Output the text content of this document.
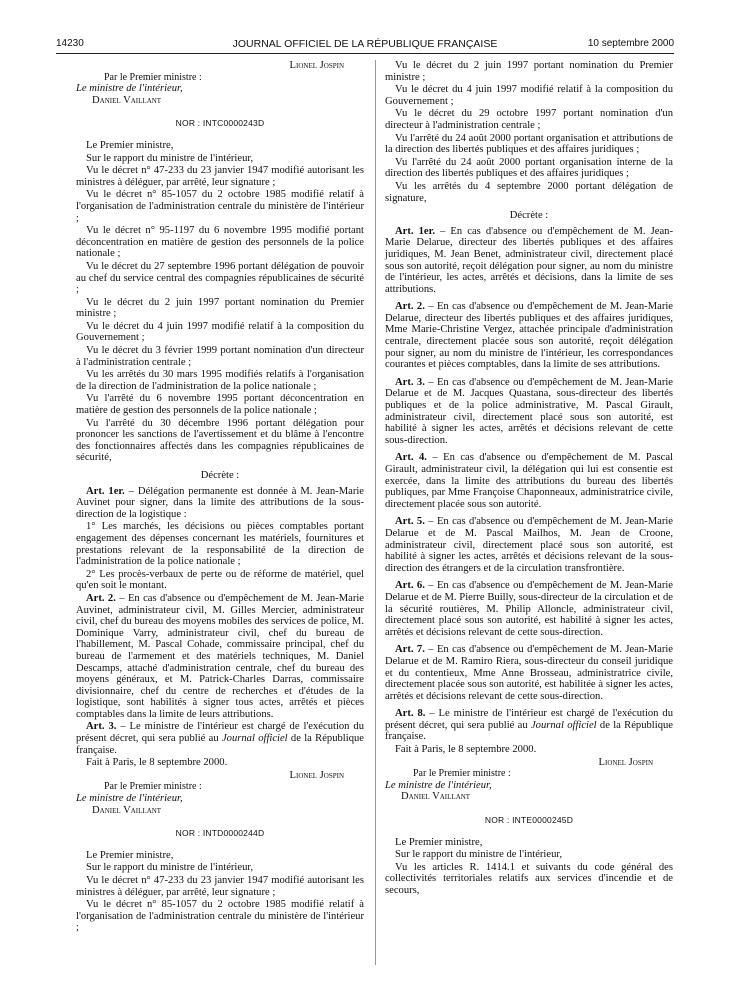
14230	JOURNAL OFFICIEL DE LA RÉPUBLIQUE FRANÇAISE	10 septembre 2000

Lionel Jospin

Par le Premier ministre :

Le ministre de l'intérieur,

Daniel Vaillant

NOR : INTC0000243D

Le Premier ministre,

Sur le rapport du ministre de l'intérieur,

Vu le décret n° 47-233 du 23 janvier 1947 modifié autorisant les ministres à déléguer, par arrêté, leur signature ;

Vu le décret n° 85-1057 du 2 octobre 1985 modifié relatif à l'organisation de l'administration centrale du ministère de l'intérieur ;

Vu le décret n° 95-1197 du 6 novembre 1995 modifié portant déconcentration en matière de gestion des personnels de la police nationale ;

Vu le décret du 27 septembre 1996 portant délégation de pouvoir au chef du service central des compagnies républicaines de sécurité ;

Vu le décret du 2 juin 1997 portant nomination du Premier ministre ;

Vu le décret du 4 juin 1997 modifié relatif à la composition du Gouvernement ;

Vu le décret du 3 février 1999 portant nomination d'un directeur à l'administration centrale ;

Vu les arrêtés du 30 mars 1995 modifiés relatifs à l'organisation de la direction de l'administration de la police nationale ;

Vu l'arrêté du 6 novembre 1995 portant déconcentration en matière de gestion des personnels de la police nationale ;

Vu l'arrêté du 30 décembre 1996 portant délégation pour prononcer les sanctions de l'avertissement et du blâme à l'encontre des fonctionnaires affectés dans les compagnies républicaines de sécurité,

Décrète :

Art. 1er. – Délégation permanente est donnée à M. Jean-Marie Auvinet pour signer, dans la limite des attributions de la sous-direction de la logistique :

1° Les marchés, les décisions ou pièces comptables portant engagement des dépenses concernant les matériels, fournitures et prestations relevant de la responsabilité de la direction de l'administration de la police nationale ;

2° Les procès-verbaux de perte ou de réforme de matériel, quel qu'en soit le montant.

Art. 2. – En cas d'absence ou d'empêchement de M. Jean-Marie Auvinet, administrateur civil, M. Gilles Mercier, administrateur civil, chef du bureau des moyens mobiles des services de police, M. Dominique Varry, administrateur civil, chef du bureau de l'habillement, M. Pascal Cohade, commissaire principal, chef du bureau de l'armement et des matériels techniques, M. Daniel Descamps, attaché d'administration centrale, chef du bureau des moyens généraux, et M. Patrick-Charles Darras, commissaire divisionnaire, chef du centre de recherches et d'études de la logistique, sont habilités à signer tous actes, arrêtés et pièces comptables dans la limite de leurs attributions.

Art. 3. – Le ministre de l'intérieur est chargé de l'exécution du présent décret, qui sera publié au Journal officiel de la République française.

Fait à Paris, le 8 septembre 2000.

Lionel Jospin

Par le Premier ministre :

Le ministre de l'intérieur,

Daniel Vaillant

NOR : INTD0000244D

Le Premier ministre,

Sur le rapport du ministre de l'intérieur,

Vu le décret n° 47-233 du 23 janvier 1947 modifié autorisant les ministres à déléguer, par arrêté, leur signature ;

Vu le décret n° 85-1057 du 2 octobre 1985 modifié relatif à l'organisation de l'administration centrale du ministère de l'intérieur ;

Vu le décret du 2 juin 1997 portant nomination du Premier ministre ;

Vu le décret du 4 juin 1997 modifié relatif à la composition du Gouvernement ;

Vu le décret du 29 octobre 1997 portant nomination d'un directeur à l'administration centrale ;

Vu l'arrêté du 24 août 2000 portant organisation et attributions de la direction des libertés publiques et des affaires juridiques ;

Vu l'arrêté du 24 août 2000 portant organisation interne de la direction des libertés publiques et des affaires juridiques ;

Vu les arrêtés du 4 septembre 2000 portant délégation de signature,

Décrète :

Art. 1er. – En cas d'absence ou d'empêchement de M. Jean-Marie Delarue, directeur des libertés publiques et des affaires juridiques, M. Jean Benet, administrateur civil, directement placé sous son autorité, reçoit délégation pour signer, au nom du ministre de l'intérieur, les actes, arrêtés et décisions, dans la limite de ses attributions.

Art. 2. – En cas d'absence ou d'empêchement de M. Jean-Marie Delarue, directeur des libertés publiques et des affaires juridiques, Mme Marie-Christine Vergez, attachée principale d'administration centrale, directement placée sous son autorité, reçoit délégation pour signer, au nom du ministre de l'intérieur, les correspondances courantes et pièces comptables, dans la limite de ses attributions.

Art. 3. – En cas d'absence ou d'empêchement de M. Jean-Marie Delarue et de M. Jacques Quastana, sous-directeur des libertés publiques et de la police administrative, M. Pascal Girault, administrateur civil, directement placé sous son autorité, est habilité à signer les actes, arrêtés et décisions relevant de cette sous-direction.

Art. 4. – En cas d'absence ou d'empêchement de M. Pascal Girault, administrateur civil, la délégation qui lui est consentie est exercée, dans la limite des attributions du bureau des libertés publiques, par Mme Françoise Chaponneaux, administratrice civile, directement placée sous son autorité.

Art. 5. – En cas d'absence ou d'empêchement de M. Jean-Marie Delarue et de M. Pascal Mailhos, M. Jean de Croone, administrateur civil, directement placé sous son autorité, est habilité à signer les actes, arrêtés et décisions relevant de la sous-direction des étrangers et de la circulation transfrontière.

Art. 6. – En cas d'absence ou d'empêchement de M. Jean-Marie Delarue et de M. Pierre Builly, sous-directeur de la circulation et de la sécurité routières, M. Philip Alloncle, administrateur civil, directement placé sous son autorité, est habilité à signer les actes, arrêtés et décisions relevant de cette sous-direction.

Art. 7. – En cas d'absence ou d'empêchement de M. Jean-Marie Delarue et de M. Ramiro Riera, sous-directeur du conseil juridique et du contentieux, Mme Anne Brosseau, administratrice civile, directement placée sous son autorité, est habilitée à signer les actes, arrêtés et décisions relevant de cette sous-direction.

Art. 8. – Le ministre de l'intérieur est chargé de l'exécution du présent décret, qui sera publié au Journal officiel de la République française.

Fait à Paris, le 8 septembre 2000.

Lionel Jospin

Par le Premier ministre :

Le ministre de l'intérieur,

Daniel Vaillant

NOR : INTE0000245D

Le Premier ministre,

Sur le rapport du ministre de l'intérieur,

Vu les articles R. 1414.1 et suivants du code général des collectivités territoriales relatifs aux services d'incendie et de secours,
